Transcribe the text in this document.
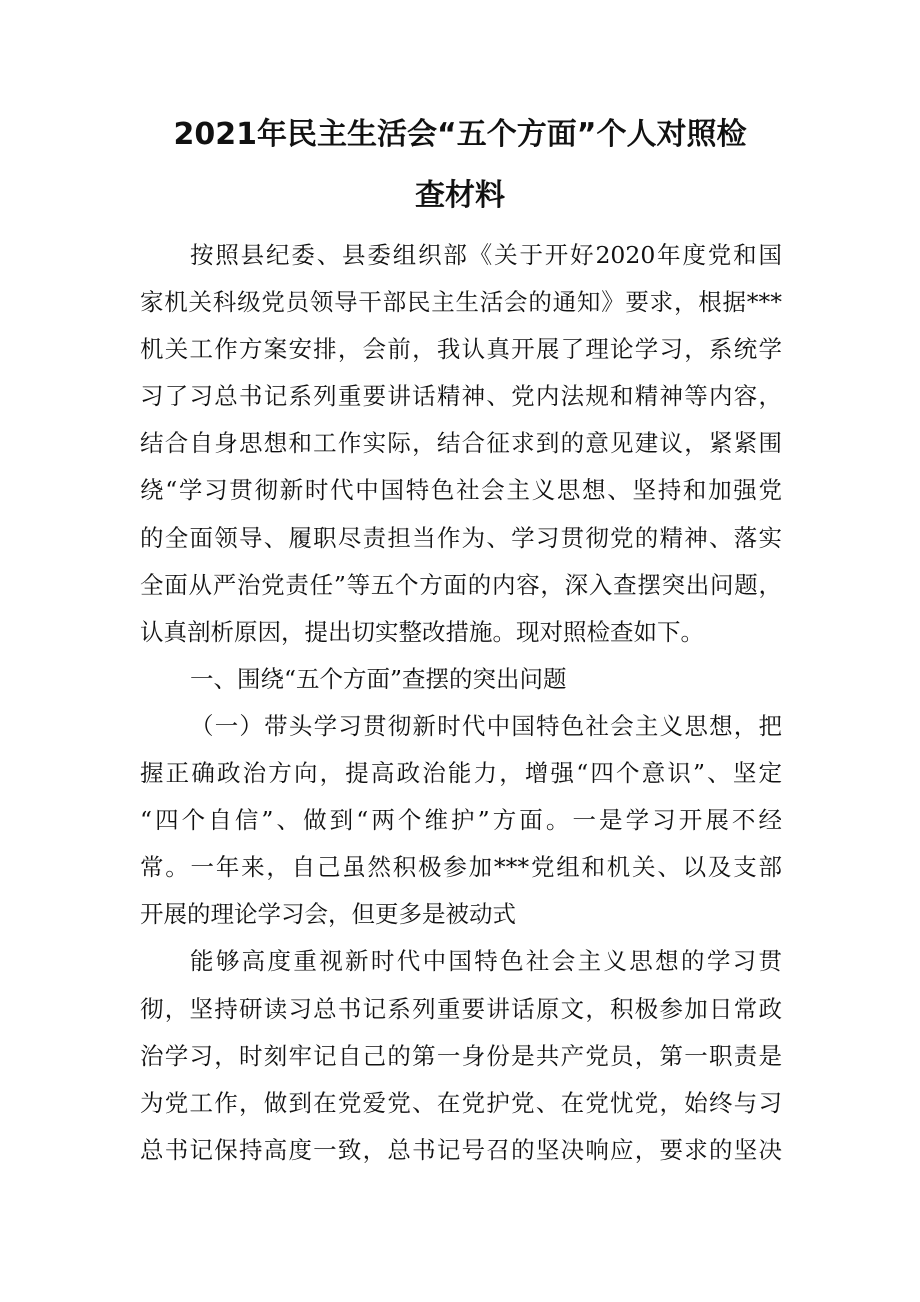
2021年民主生活会“五个方面”个人对照检
查材料
按照县纪委、县委组织部《关于开好2020年度党和国
家机关科级党员领导干部民主生活会的通知》要求，根据***
机关工作方案安排，会前，我认真开展了理论学习，系统学
习了习总书记系列重要讲话精神、党内法规和精神等内容，
结合自身思想和工作实际，结合征求到的意见建议，紧紧围
绕“学习贯彻新时代中国特色社会主义思想、坚持和加强党
的全面领导、履职尽责担当作为、学习贯彻党的精神、落实
全面从严治党责任”等五个方面的内容，深入查摆突出问题，
认真剖析原因，提出切实整改措施。现对照检查如下。
一、围绕“五个方面”查摆的突出问题
（一）带头学习贯彻新时代中国特色社会主义思想，把
握正确政治方向，提高政治能力，增强“四个意识”、坚定
“四个自信”、做到“两个维护”方面。一是学习开展不经
常。一年来，自己虽然积极参加***党组和机关、以及支部
开展的理论学习会，但更多是被动式
能够高度重视新时代中国特色社会主义思想的学习贯
彻，坚持研读习总书记系列重要讲话原文，积极参加日常政
治学习，时刻牢记自己的第一身份是共产党员，第一职责是
为党工作，做到在党爱党、在党护党、在党忧党，始终与习
总书记保持高度一致，总书记号召的坚决响应，要求的坚决
